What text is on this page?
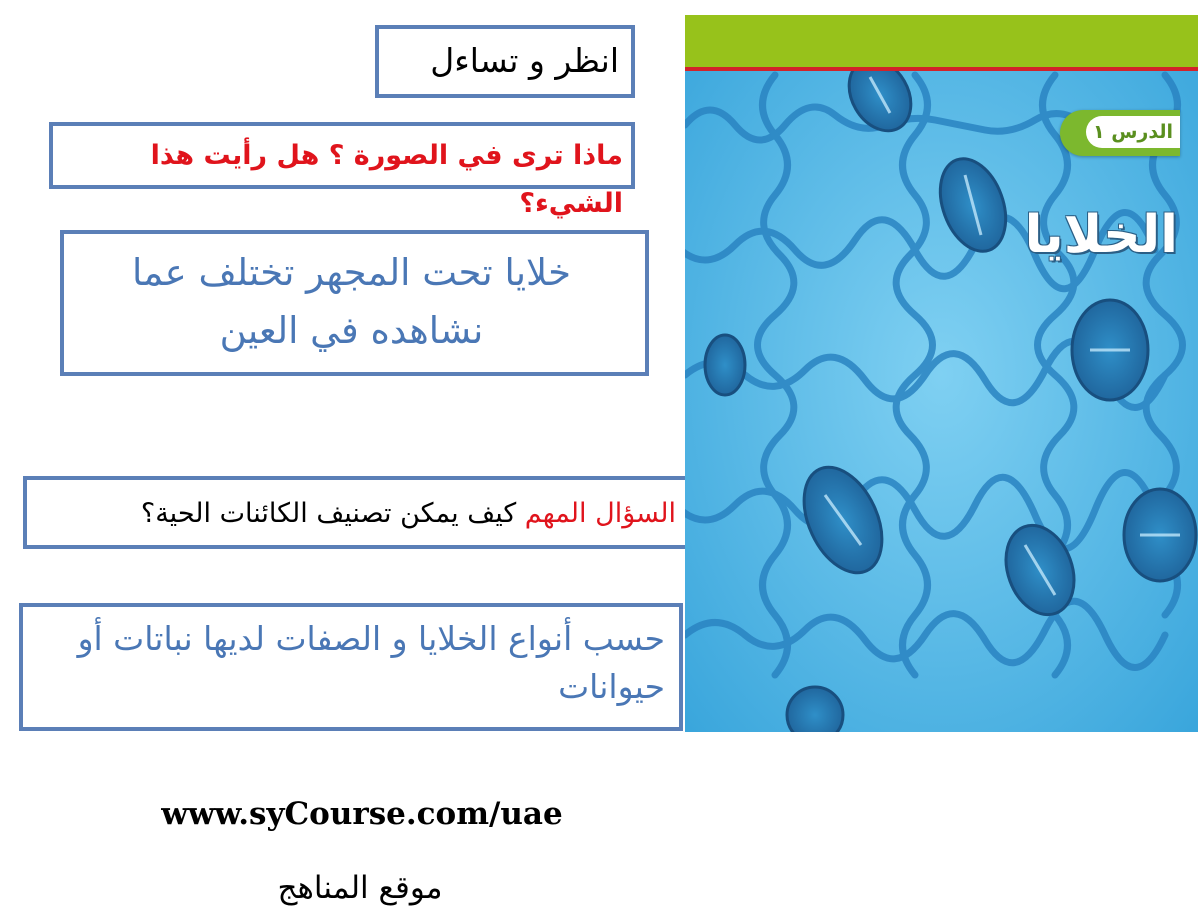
انظر و تساءل
ماذا ترى في الصورة ؟ هل رأيت هذا الشيء؟
خلايا تحت المجهر تختلف عما نشاهده في العين
السؤال المهم كيف يمكن تصنيف الكائنات الحية؟
حسب أنواع الخلايا و الصفات لديها نباتات أو حيوانات
الدرس ١
الخلايا
www.syCourse.com/uae
موقع المناهج
